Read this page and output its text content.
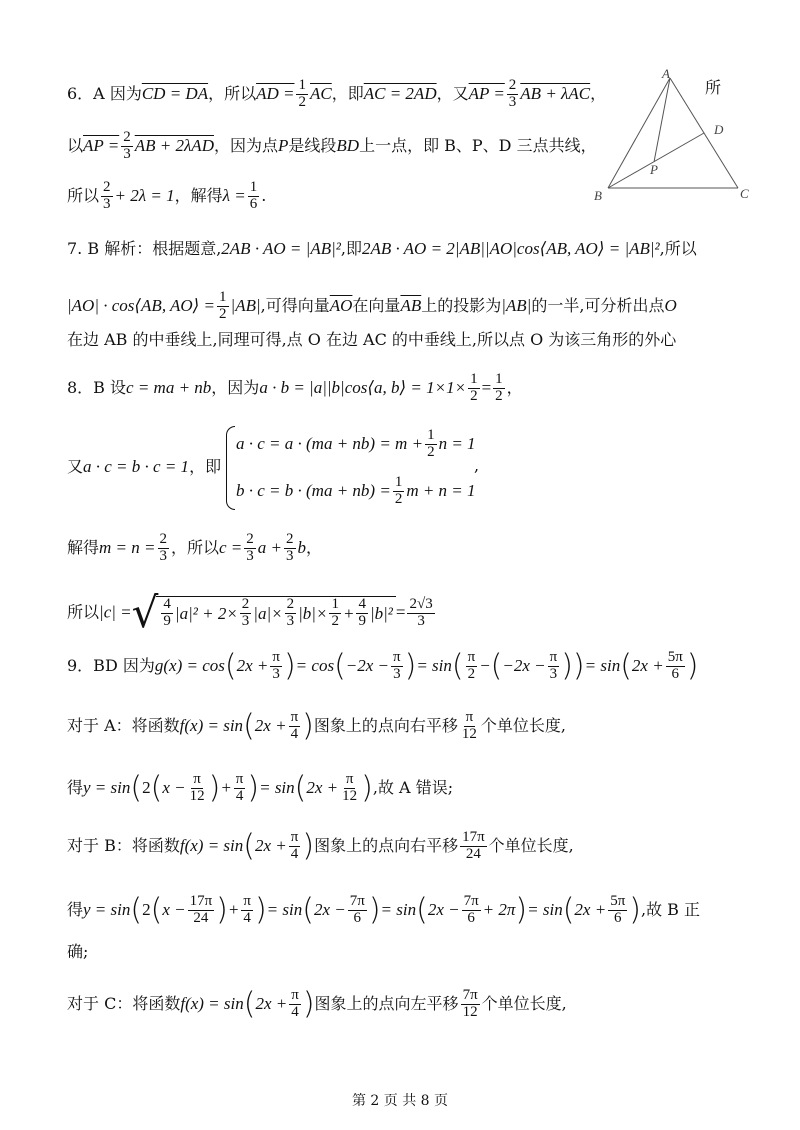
A
B	C
D
P
6．A 因为CD = DA，所以AD = $\frac{1}{2} \overline{AC}$，即AC = 2AD，又AP = $\frac{2}{3}$ AB + λAC，	所
以AP = $\frac{2}{3}$ AB + 2λAD，因为点P是线段BD上一点，即 B、P、D 三点共线，
所以 $\frac{2}{3} + 2\lambda = 1$，解得$\lambda = \frac{1}{6}$ .
7. B 解析：根据题意,2AB · AO = |AB|²,即2AB · AO = 2|AB||AO|cos⟨AB, AO⟩ = |AB|²,所以
|AO| · cos⟨AB, AO⟩ = $\frac{1}{2} |AB|$,可得向量$\overline{AO}$在向量$\overline{AB}$上的投影为|AB|的一半,可分析出点O
在边 AB 的中垂线上,同理可得,点 O 在边 AC 的中垂线上,所以点 O 为该三角形的外心
8．B 设c = ma + nb，因为a · b = |a||b|cos⟨a, b⟩ = $1\times 1\times \frac{1}{2} = \frac{1}{2}$ ，
又a · c = b · c = 1，即
$a \cdot c = a \cdot (ma + nb) = m + \frac{1}{2}$ n = 1
$b \cdot c = b \cdot (ma + nb) = \frac{1}{2}$ m + n = 1
,
解得$m = n = \frac{2}{3}$ ，所以$c = \frac{2}{3}$ $a + \frac{2}{3}$ b，
所以|c| = √ $\frac{4}{9} |a|^2 + 2\times \frac{2}{3} |a|\times \frac{2}{3} |b|\times \frac{1}{2} + \frac{4}{9} |b|^2 = \frac{2√3}{3}$
9．BD 因为$g(x) = \cos(2x + \frac{\pi}{3}$ )= $\cos(-2x - \frac{\pi}{3}$ )= $\sin( \frac{\pi}{2} -(-2x - \frac{\pi}{3}$ ))= $\sin(2x + \frac{5\pi}{6}$ )
对于 A：将函数$f(x) = \sin(2x + \frac{\pi}{4}$ )图象上的点向右平移 $\frac{\pi}{12}$ 个单位长度,
得$y = \sin(2(x - \frac{\pi}{12}$ )+ $\frac{\pi}{4}$ )= $\sin(2x + \frac{\pi}{12}$ ),故 A 错误;
对于 B：将函数$f(x) = \sin(2x + \frac{\pi}{4}$ )图象上的点向右平移 $\frac{17\pi}{24}$ 个单位长度,
得$y = \sin(2(x - \frac{17\pi}{24}$ )+ $\frac{\pi}{4}$ )= $\sin(2x - \frac{7\pi}{6}$ )= $\sin(2x - \frac{7\pi}{6} + 2\pi)= \sin(2x + \frac{5\pi}{6}$ ),故 B 正
确;
对于 C：将函数$f(x) = \sin(2x + \frac{\pi}{4}$ )图象上的点向左平移 $\frac{7\pi}{12}$ 个单位长度,
第 2 页 共 8 页
